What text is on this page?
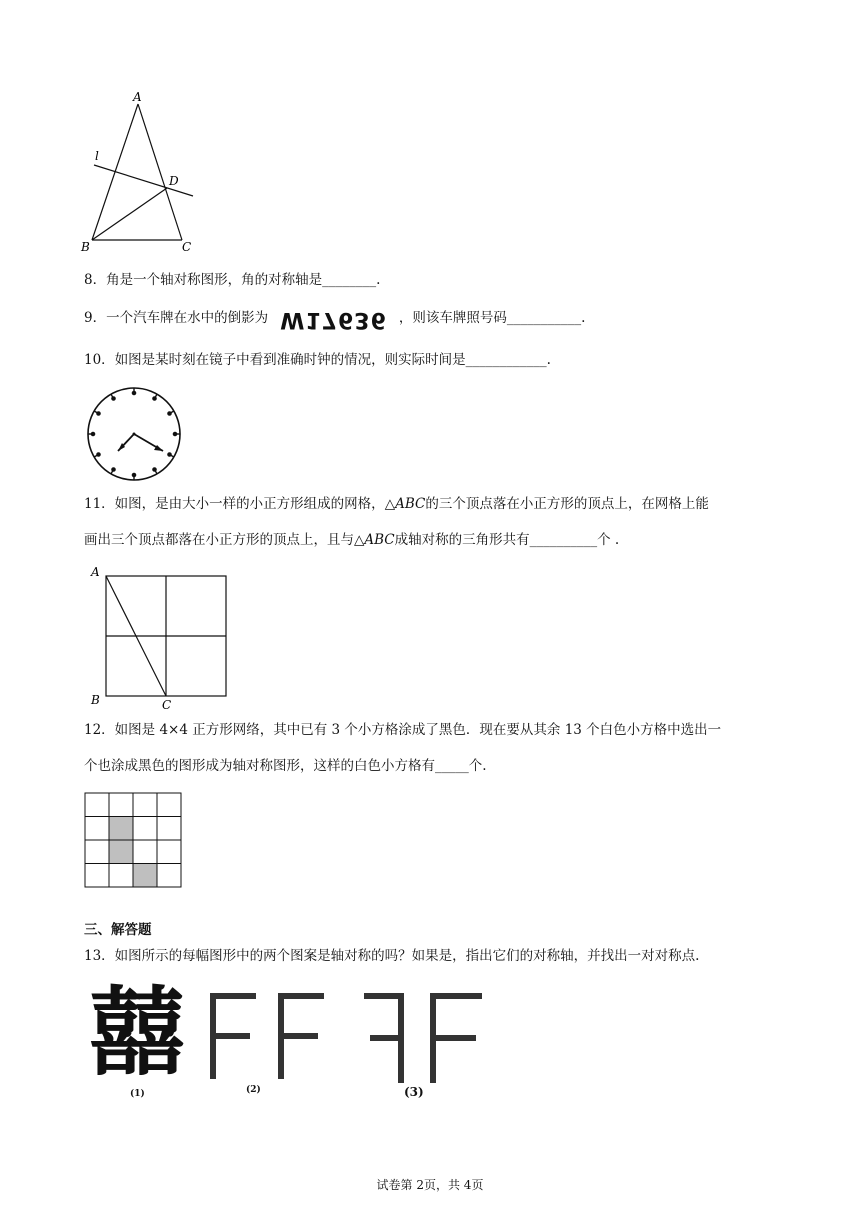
A
B	C
D
l
8．角是一个轴对称图形，角的对称轴是________.
9．一个汽车牌在水中的倒影为 W17636 ，则该车牌照号码___________.
10．如图是某时刻在镜子中看到准确时钟的情况，则实际时间是____________.
11．如图，是由大小一样的小正方形组成的网格，△ABC的三个顶点落在小正方形的顶点上，在网格上能
画出三个顶点都落在小正方形的顶点上，且与△ABC成轴对称的三角形共有__________个 .
A
B	C
12．如图是 4×4 正方形网络，其中已有 3 个小方格涂成了黑色．现在要从其余 13 个白色小方格中选出一
个也涂成黑色的图形成为轴对称图形，这样的白色小方格有_____个.
三、解答题
13．如图所示的每幅图形中的两个图案是轴对称的吗？如果是，指出它们的对称轴，并找出一对对称点.
囍
(1)	(2)	(3)
试卷第 2页，共 4页
